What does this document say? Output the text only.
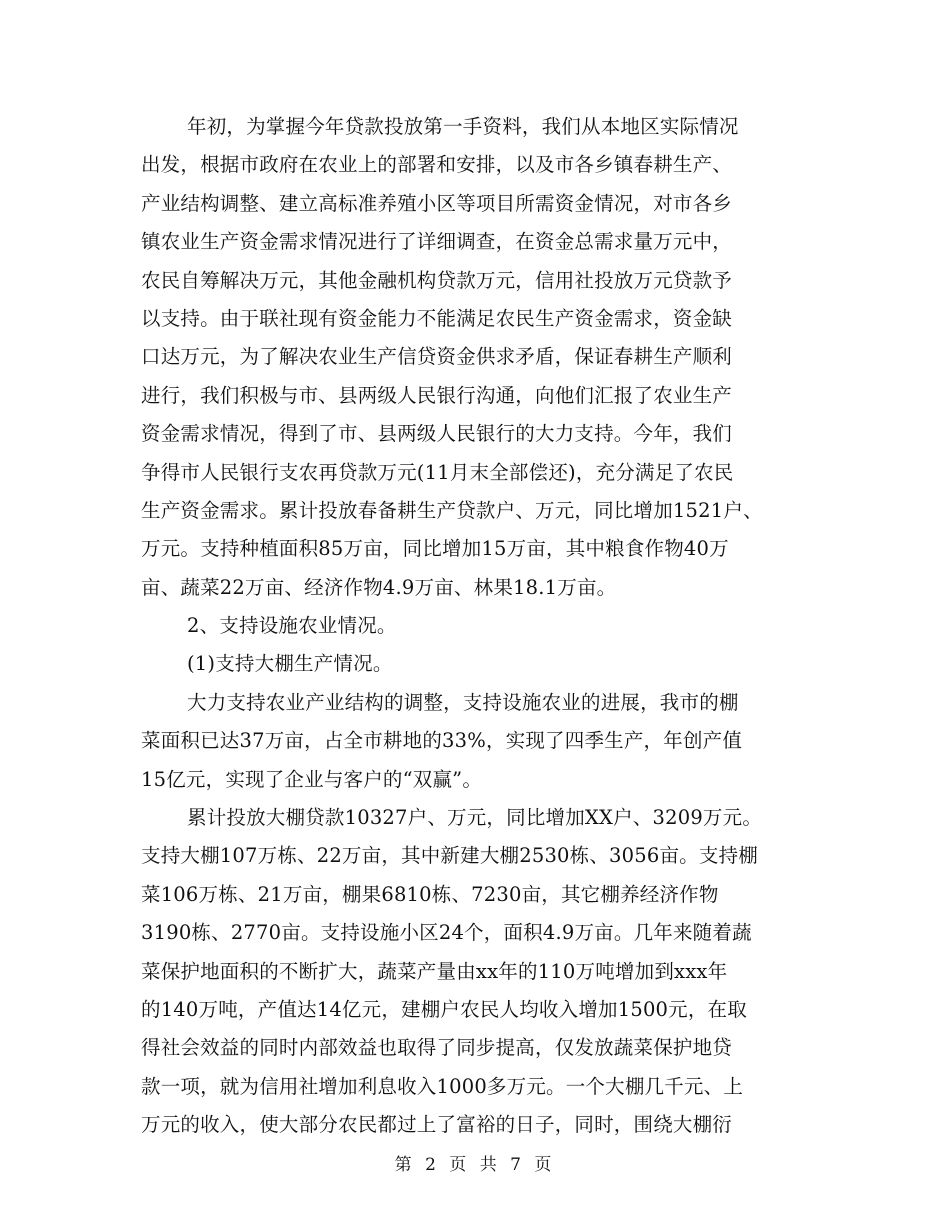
年初，为掌握今年贷款投放第一手资料，我们从本地区实际情况
出发，根据市政府在农业上的部署和安排，以及市各乡镇春耕生产、
产业结构调整、建立高标准养殖小区等项目所需资金情况，对市各乡
镇农业生产资金需求情况进行了详细调查，在资金总需求量万元中，
农民自筹解决万元，其他金融机构贷款万元，信用社投放万元贷款予
以支持。由于联社现有资金能力不能满足农民生产资金需求，资金缺
口达万元，为了解决农业生产信贷资金供求矛盾，保证春耕生产顺利
进行，我们积极与市、县两级人民银行沟通，向他们汇报了农业生产
资金需求情况，得到了市、县两级人民银行的大力支持。今年，我们
争得市人民银行支农再贷款万元(11月末全部偿还)，充分满足了农民
生产资金需求。累计投放春备耕生产贷款户、万元，同比增加1521户、
万元。支持种植面积85万亩，同比增加15万亩，其中粮食作物40万
亩、蔬菜22万亩、经济作物4.9万亩、林果18.1万亩。
2、支持设施农业情况。
(1)支持大棚生产情况。
大力支持农业产业结构的调整，支持设施农业的进展，我市的棚
菜面积已达37万亩，占全市耕地的33%，实现了四季生产，年创产值
15亿元，实现了企业与客户的“双赢”。
累计投放大棚贷款10327户、万元，同比增加XX户、3209万元。
支持大棚107万栋、22万亩，其中新建大棚2530栋、3056亩。支持棚
菜106万栋、21万亩，棚果6810栋、7230亩，其它棚养经济作物
3190栋、2770亩。支持设施小区24个，面积4.9万亩。几年来随着蔬
菜保护地面积的不断扩大，蔬菜产量由xx年的110万吨增加到xxx年
的140万吨，产值达14亿元，建棚户农民人均收入增加1500元，在取
得社会效益的同时内部效益也取得了同步提高，仅发放蔬菜保护地贷
款一项，就为信用社增加利息收入1000多万元。一个大棚几千元、上
万元的收入，使大部分农民都过上了富裕的日子，同时，围绕大棚衍
第 2 页 共 7 页
